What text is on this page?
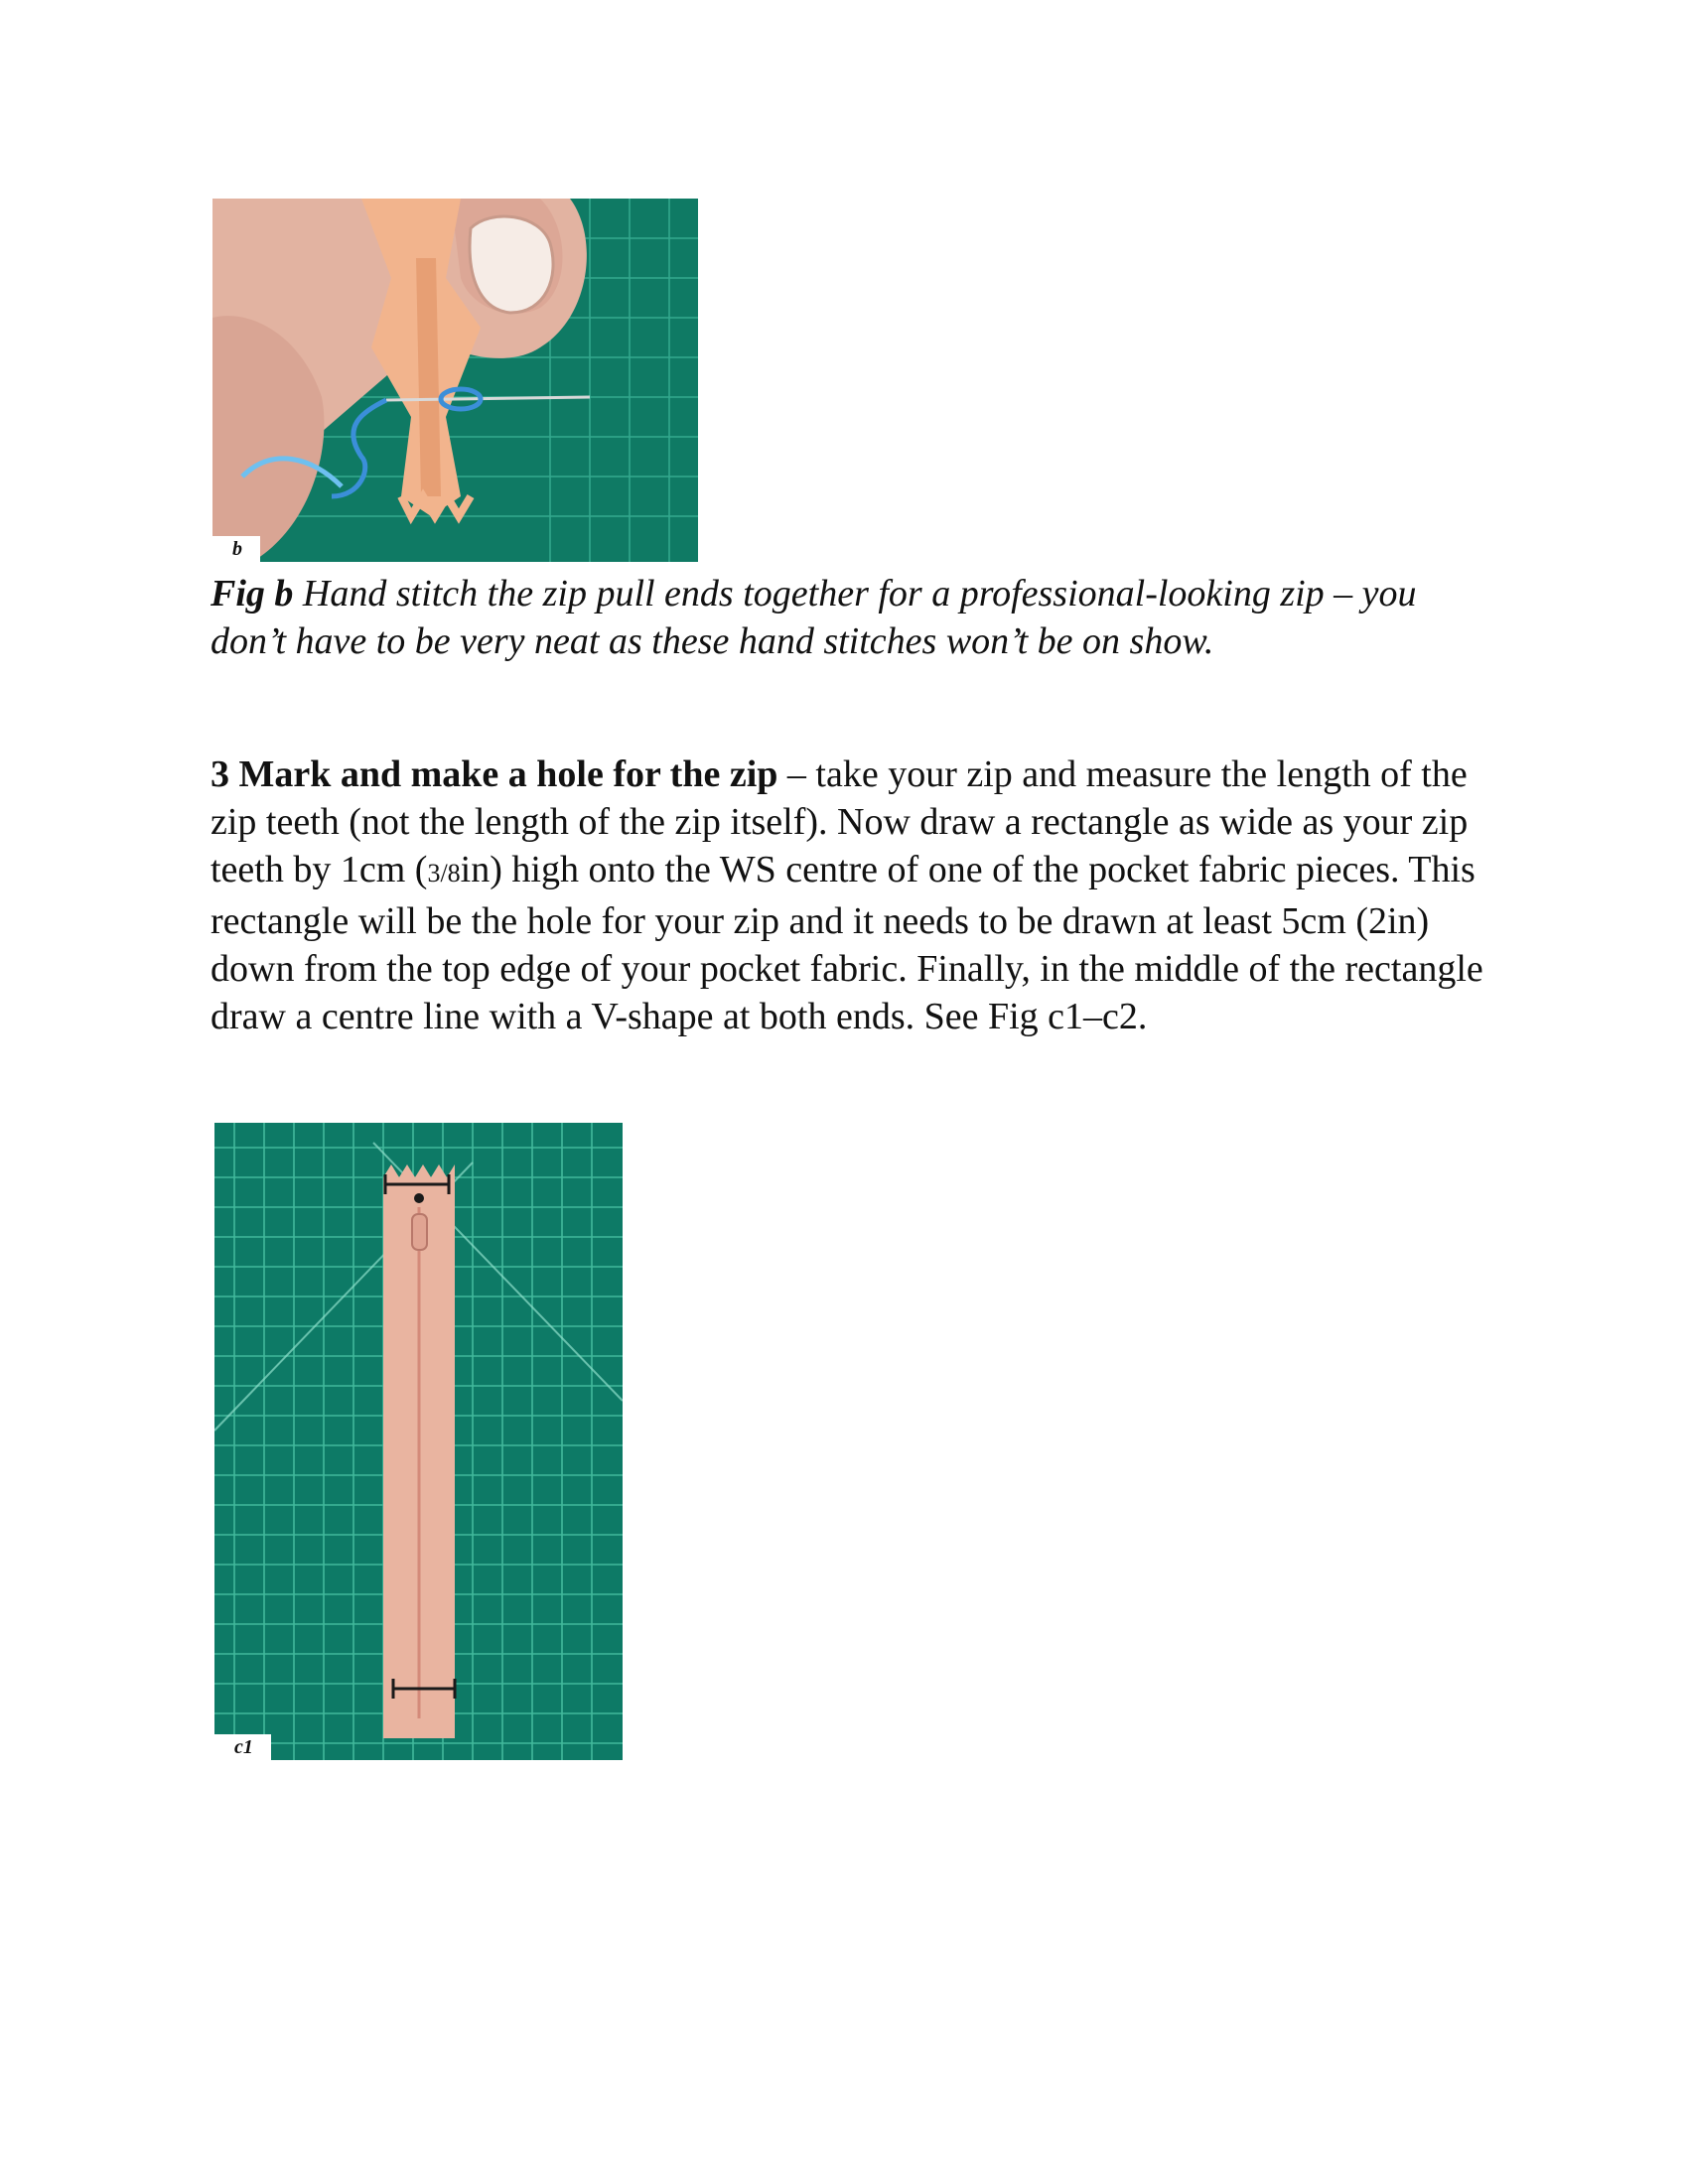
b

Fig b Hand stitch the zip pull ends together for a professional-looking zip – you don’t have to be very neat as these hand stitches won’t be on show.

3 Mark and make a hole for the zip – take your zip and measure the length of the zip teeth (not the length of the zip itself). Now draw a rectangle as wide as your zip teeth by 1cm (3/8in) high onto the WS centre of one of the pocket fabric pieces. This rectangle will be the hole for your zip and it needs to be drawn at least 5cm (2in) down from the top edge of your pocket fabric. Finally, in the middle of the rectangle draw a centre line with a V-shape at both ends. See Fig c1–c2.

c1
